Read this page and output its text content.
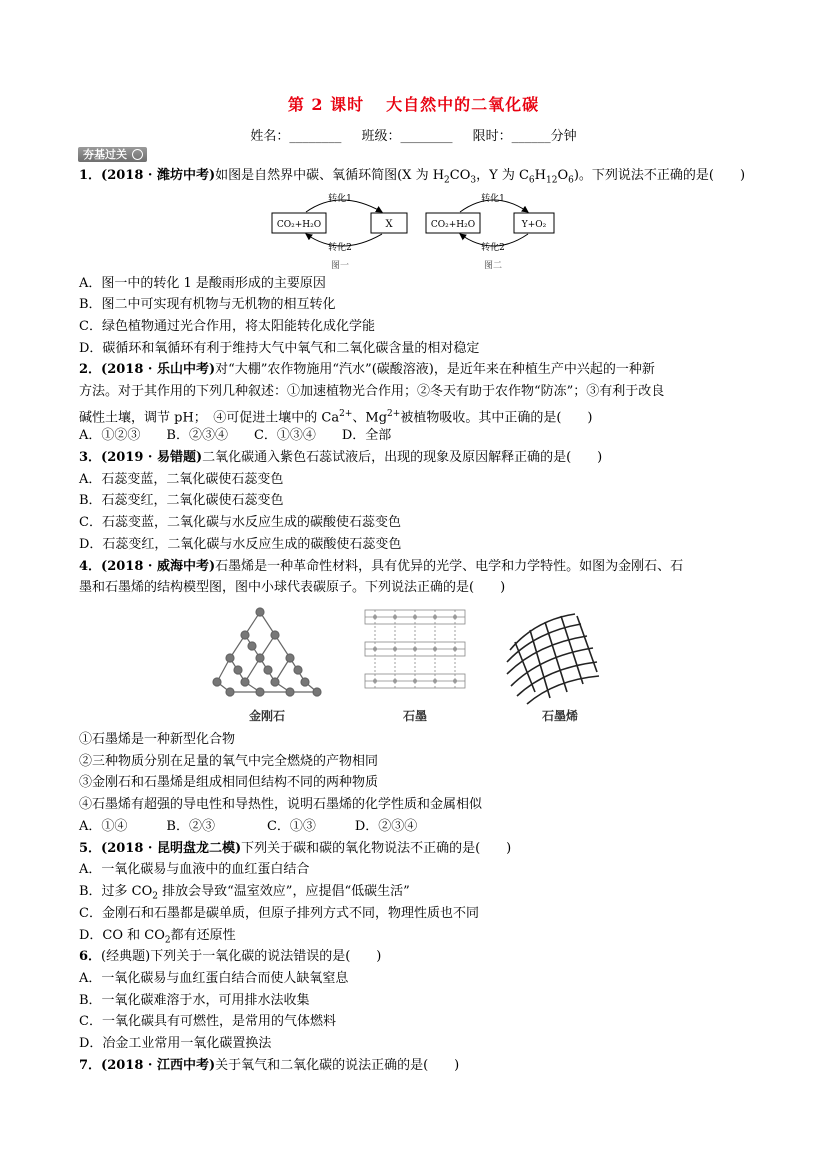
第 2 课时 大自然中的二氧化碳
姓名：________ 班级：________ 限时：______分钟
夯基过关
1．(2018 · 潍坊中考)如图是自然界中碳、氧循环简图(X 为 $H_2CO_3$，Y 为 $C_6H_{12}O_6$)。下列说法不正确的是(　　)
CO₂+H₂O	X
转化1
转化2
图一
CO₂+H₂O	Y+O₂
转化1
转化2
图二
A．图一中的转化 1 是酸雨形成的主要原因
B．图二中可实现有机物与无机物的相互转化
C．绿色植物通过光合作用，将太阳能转化成化学能
D．碳循环和氧循环有利于维持大气中氧气和二氧化碳含量的相对稳定
2．(2018 · 乐山中考)对“大棚”农作物施用“汽水”(碳酸溶液)，是近年来在种植生产中兴起的一种新
方法。对于其作用的下列几种叙述：①加速植物光合作用；②冬天有助于农作物“防冻”；③有利于改良
碱性土壤，调节 pH；　④可促进土壤中的 $Ca^{2+}$、$Mg^{2+}$被植物吸收。其中正确的是(　　)
A．①②③　　B．②③④　　C．①③④　　D．全部
3．(2019 · 易错题)二氧化碳通入紫色石蕊试液后，出现的现象及原因解释正确的是(　　)
A．石蕊变蓝，二氧化碳使石蕊变色
B．石蕊变红，二氧化碳使石蕊变色
C．石蕊变蓝，二氧化碳与水反应生成的碳酸使石蕊变色
D．石蕊变红，二氧化碳与水反应生成的碳酸使石蕊变色
4．(2018 · 威海中考)石墨烯是一种革命性材料，具有优异的光学、电学和力学特性。如图为金刚石、石
墨和石墨烯的结构模型图，图中小球代表碳原子。下列说法正确的是(　　)
金刚石	石墨	石墨烯
①石墨烯是一种新型化合物
②三种物质分别在足量的氧气中完全燃烧的产物相同
③金刚石和石墨烯是组成相同但结构不同的两种物质
④石墨烯有超强的导电性和导热性，说明石墨烯的化学性质和金属相似
A．①④　　　B．②③　　　　C．①③　　　D．②③④
5．(2018 · 昆明盘龙二模)下列关于碳和碳的氧化物说法不正确的是(　　)
A．一氧化碳易与血液中的血红蛋白结合
B．过多 $CO_2$ 排放会导致“温室效应”，应提倡“低碳生活”
C．金刚石和石墨都是碳单质，但原子排列方式不同，物理性质也不同
D．CO 和 $CO_2$都有还原性
6．(经典题)下列关于一氧化碳的说法错误的是(　　)
A．一氧化碳易与血红蛋白结合而使人缺氧窒息
B．一氧化碳难溶于水，可用排水法收集
C．一氧化碳具有可燃性，是常用的气体燃料
D．冶金工业常用一氧化碳置换法
7．(2018 · 江西中考)关于氧气和二氧化碳的说法正确的是(　　)
